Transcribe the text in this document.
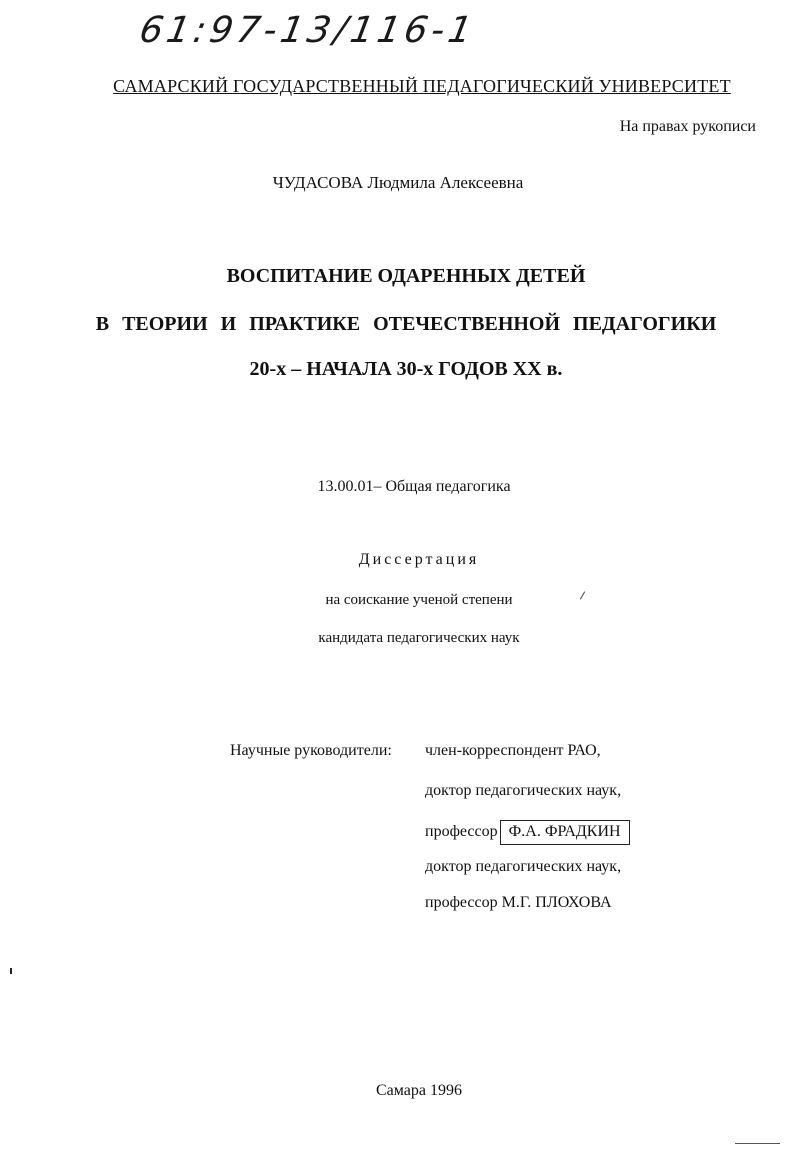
61:97-13/116-1
САМАРСКИЙ ГОСУДАРСТВЕННЫЙ ПЕДАГОГИЧЕСКИЙ УНИВЕРСИТЕТ
На правах рукописи
ЧУДАСОВА Людмила Алексеевна
ВОСПИТАНИЕ ОДАРЕННЫХ ДЕТЕЙ
В ТЕОРИИ И ПРАКТИКЕ ОТЕЧЕСТВЕННОЙ ПЕДАГОГИКИ
20-х – НАЧАЛА 30-х ГОДОВ XX в.
13.00.01– Общая педагогика
Диссертация
на соискание ученой степени
кандидата педагогических наук
Научные руководители: член-корреспондент РАО,
доктор педагогических наук,
профессор Ф.А. ФРАДКИН
доктор педагогических наук,
профессор М.Г. ПЛОХОВА
Самара 1996
